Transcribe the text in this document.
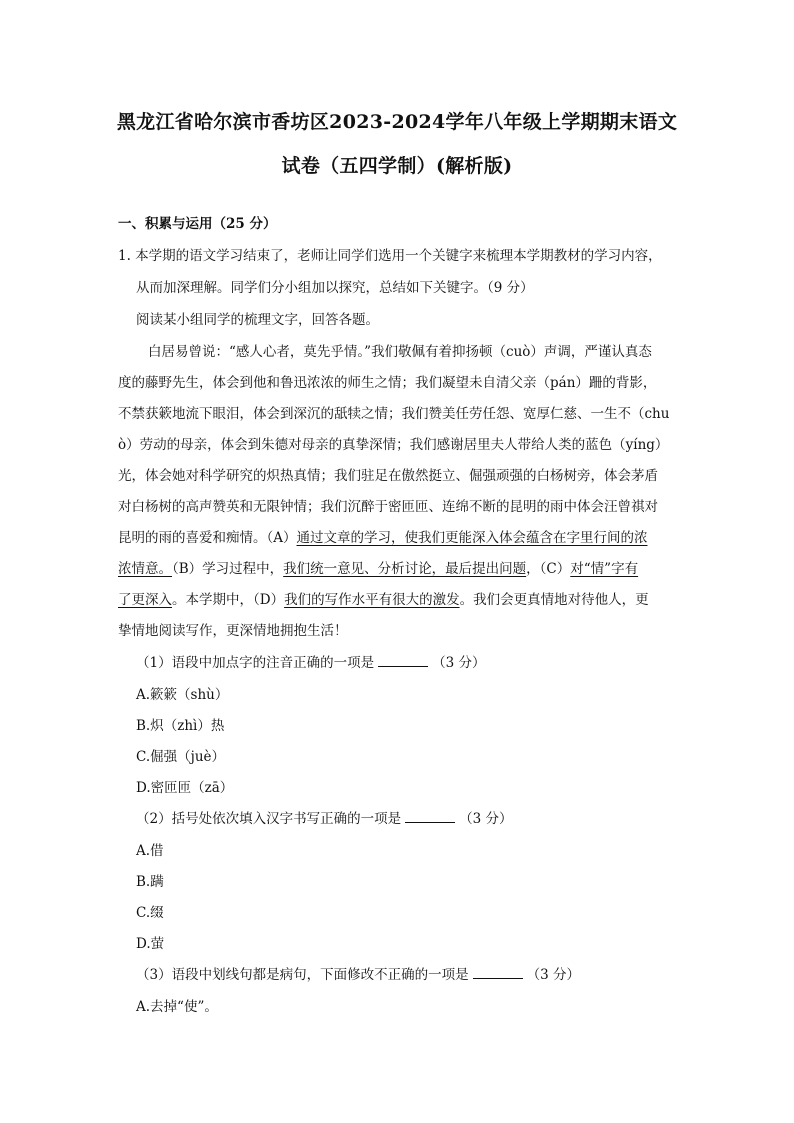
黑龙江省哈尔滨市香坊区2023-2024学年八年级上学期期末语文
试卷（五四学制）(解析版)
一、积累与运用（25 分）
1. 本学期的语文学习结束了，老师让同学们选用一个关键字来梳理本学期教材的学习内容，
从而加深理解。同学们分小组加以探究，总结如下关键字。（9 分）
阅读某小组同学的梳理文字，回答各题。
白居易曾说：“感人心者，莫先乎情。”我们敬佩有着抑扬顿（cuò）声调，严谨认真态
度的藤野先生，体会到他和鲁迅浓浓的师生之情；我们凝望未自清父亲（pán）跚的背影，
不禁获簌地流下眼泪，体会到深沉的舐犊之情；我们赞美任劳任怨、宽厚仁慈、一生不（chu
ò）劳动的母亲，体会到朱德对母亲的真挚深情；我们感谢居里夫人带给人类的蓝色（yíng）
光，体会她对科学研究的炽热真情；我们驻足在傲然挺立、倔强顽强的白杨树旁，体会茅盾
对白杨树的高声赞英和无限钟情；我们沉醉于密匝匝、连绵不断的昆明的雨中体会汪曾祺对
昆明的雨的喜爱和痴情。（A）通过文章的学习，使我们更能深入体会蕴含在字里行间的浓
浓情意。（B）学习过程中，我们统一意见、分析讨论，最后提出问题，（C）对“情”字有
了更深入。本学期中，（D）我们的写作水平有很大的激发。我们会更真情地对待他人，更
挚情地阅读写作，更深情地拥抱生活！
（1）语段中加点字的注音正确的一项是	（3 分）
A.簌簌（shù）
B.炽（zhì）热
C.倔强（juè）
D.密匝匝（zā）
（2）括号处依次填入汉字书写正确的一项是	（3 分）
A.借
B.蹒
C.缀
D.萤
（3）语段中划线句都是病句，下面修改不正确的一项是	（3 分）
A.去掉“使”。
